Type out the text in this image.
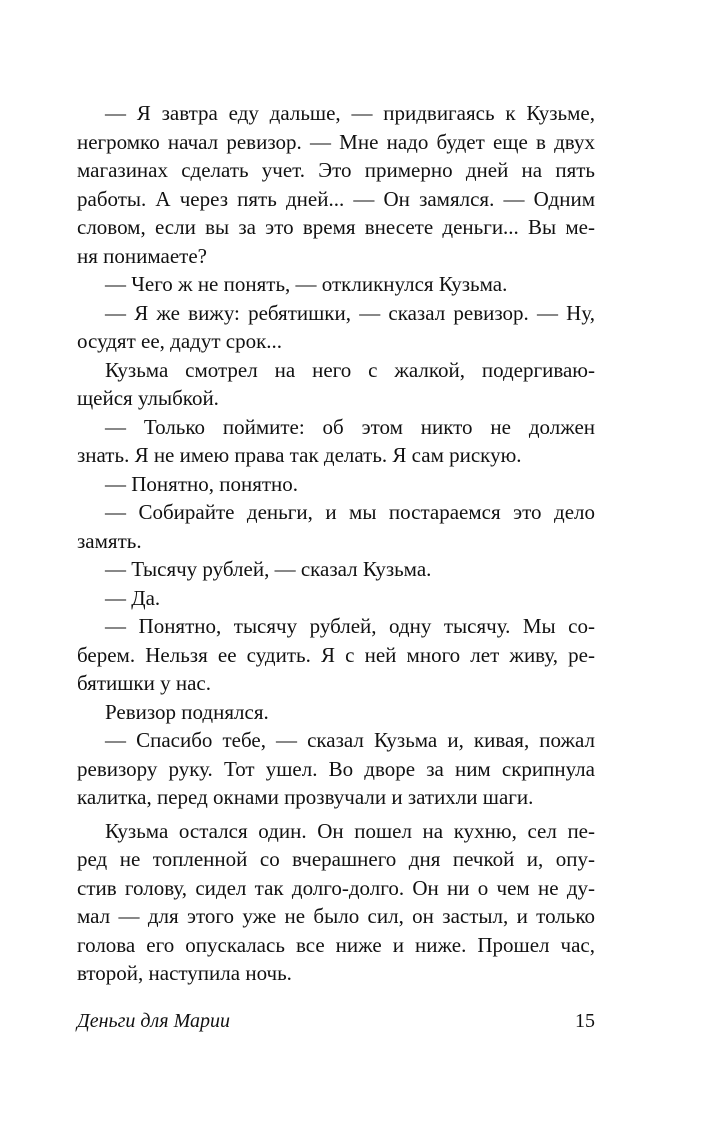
— Я завтра еду дальше, — придвигаясь к Кузьме,
негромко начал ревизор. — Мне надо будет еще в двух
магазинах сделать учет. Это примерно дней на пять
работы. А через пять дней... — Он замялся. — Одним
словом, если вы за это время внесете деньги... Вы ме-
ня понимаете?
— Чего ж не понять, — откликнулся Кузьма.
— Я же вижу: ребятишки, — сказал ревизор. — Ну,
осудят ее, дадут срок...
Кузьма смотрел на него с жалкой, подергиваю-
щейся улыбкой.
— Только поймите: об этом никто не должен
знать. Я не имею права так делать. Я сам рискую.
— Понятно, понятно.
— Собирайте деньги, и мы постараемся это дело
замять.
— Тысячу рублей, — сказал Кузьма.
— Да.
— Понятно, тысячу рублей, одну тысячу. Мы со-
берем. Нельзя ее судить. Я с ней много лет живу, ре-
бятишки у нас.
Ревизор поднялся.
— Спасибо тебе, — сказал Кузьма и, кивая, пожал
ревизору руку. Тот ушел. Во дворе за ним скрипнула
калитка, перед окнами прозвучали и затихли шаги.
Кузьма остался один. Он пошел на кухню, сел пе-
ред не топленной со вчерашнего дня печкой и, опу-
стив голову, сидел так долго-долго. Он ни о чем не ду-
мал — для этого уже не было сил, он застыл, и только
голова его опускалась все ниже и ниже. Прошел час,
второй, наступила ночь.
Деньги для Марии	15
